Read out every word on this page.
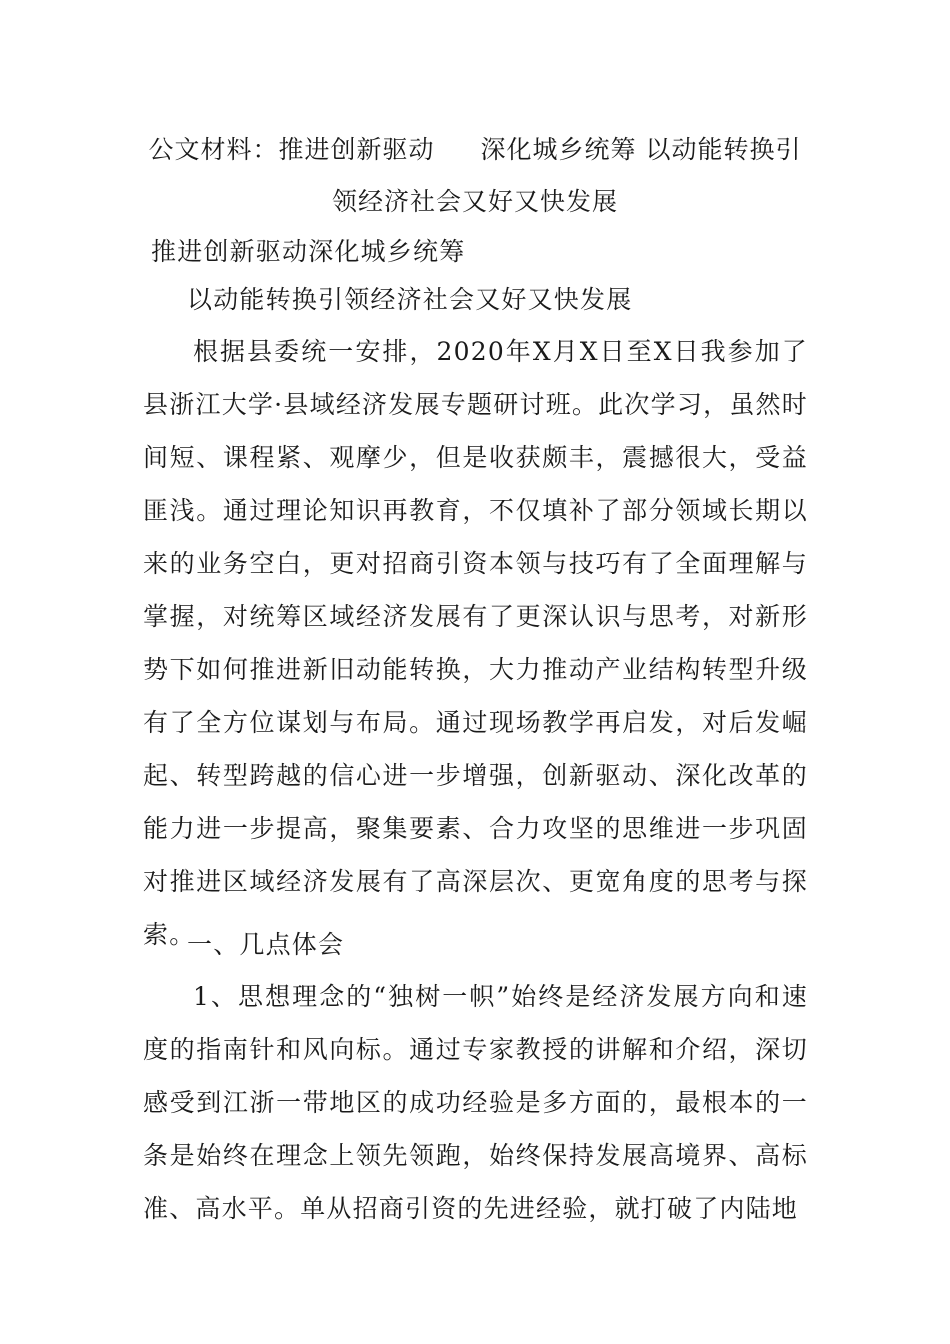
公文材料：推进创新驱动 深化城乡统筹 以动能转换引
领经济社会又好又快发展

推进创新驱动深化城乡统筹

以动能转换引领经济社会又好又快发展

根据县委统一安排，2020年X月X日至X日我参加了县浙江大学·县域经济发展专题研讨班。此次学习，虽然时间短、课程紧、观摩少，但是收获颇丰，震撼很大，受益匪浅。通过理论知识再教育，不仅填补了部分领域长期以来的业务空白，更对招商引资本领与技巧有了全面理解与掌握，对统筹区域经济发展有了更深认识与思考，对新形势下如何推进新旧动能转换，大力推动产业结构转型升级有了全方位谋划与布局。通过现场教学再启发，对后发崛起、转型跨越的信心进一步增强，创新驱动、深化改革的能力进一步提高，聚集要素、合力攻坚的思维进一步巩固对推进区域经济发展有了高深层次、更宽角度的思考与探索。

一、几点体会

1、思想理念的“独树一帜”始终是经济发展方向和速度的指南针和风向标。通过专家教授的讲解和介绍，深切感受到江浙一带地区的成功经验是多方面的，最根本的一条是始终在理念上领先领跑，始终保持发展高境界、高标准、高水平。单从招商引资的先进经验，就打破了内陆地
